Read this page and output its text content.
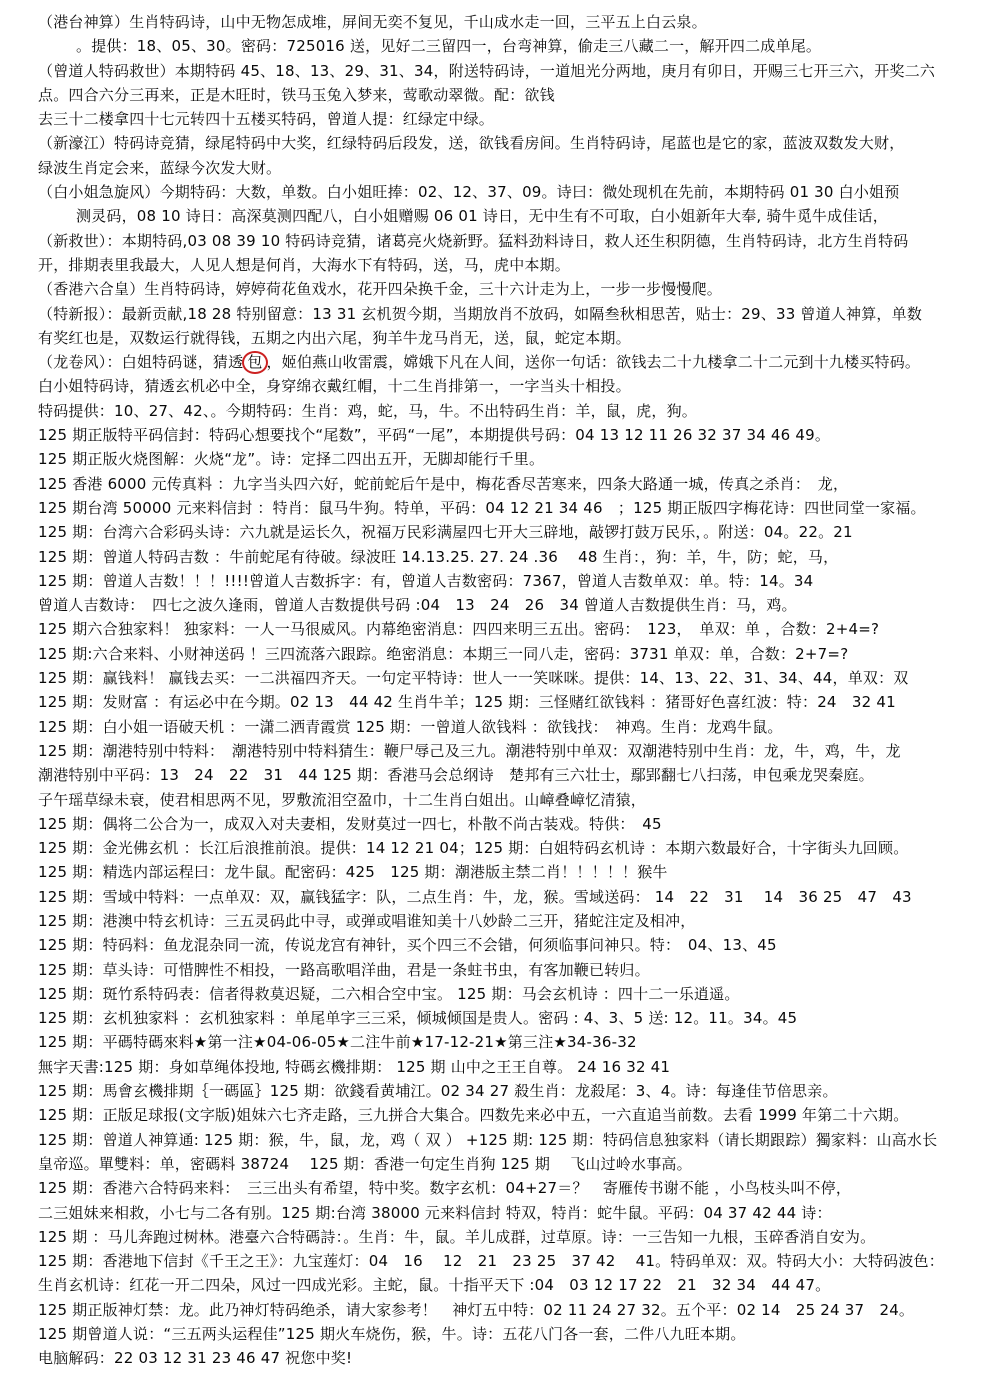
（港台神算）生肖特码诗，山中无物怎成堆，屏间无奕不复见，千山成水走一回，三平五上白云泉。
。提供：18、05、30。密码：725016 送，见好二三留四一，台弯神算，偷走三八藏二一，解开四二成单尾。
（曾道人特码救世）本期特码 45、18、13、29、31、34，附送特码诗，一道旭光分两地，庚月有卯日，开赐三七开三六，开奖二六
点。四合六分三再来，正是木旺时，铁马玉兔入梦来，莺歌动翠微。配：欲钱
去三十二楼拿四十七元转四十五楼买特码，曾道人提：红绿定中绿。
（新濠江）特码诗竞猜，绿尾特码中大奖，红绿特码后段发，送，欲钱看房间。生肖特码诗，尾蓝也是它的家，蓝波双数发大财，
绿波生肖定会来，蓝绿今次发大财。
（白小姐急旋风）今期特码：大数，单数。白小姐旺捧：02、12、37、09。诗曰：微处现机在先前，本期特码 01 30 白小姐预
测灵码，08 10 诗日：高深莫测四配八，白小姐赠赐 06 01 诗日，无中生有不可取，白小姐新年大奉, 骑牛觅牛成佳话，
（新救世）：本期特码,03 08 39 10 特码诗竞猜，诸葛亮火烧新野。猛料劲料诗日，救人还生积阴德，生肖特码诗，北方生肖特码
开，排期表里我最大，人见人想是何肖，大海水下有特码，送，马，虎中本期。
（香港六合皇）生肖特码诗，婷婷荷花鱼戏水，花开四朵换千金，三十六计走为上，一步一步慢慢爬。
（特新报）：最新贡献,18 28 特别留意：13 31 玄机贺今期，当期放肖不放码，如隔叁秋相思苦，贴士：29、33 曾道人神算，单数
有奖红也是，双数运行就得钱，五期之内出六尾，狗羊牛龙马肖无，送，鼠，蛇定本期。
（龙卷风）：白姐特码谜，猜透 包 ，姬伯燕山收雷震，嫦娥下凡在人间，送你一句话：欲钱去二十九楼拿二十二元到十九楼买特码。
白小姐特码诗，猜透玄机必中全，身穿绵衣戴红帽，十二生肖排第一，一字当头十相投。
特码提供：10、27、42、。今期特码：生肖：鸡，蛇，马，牛。不出特码生肖：羊，鼠，虎，狗。
125 期正版特平码信封：特码心想要找个“尾数”，平码“一尾”，本期提供号码：04 13 12 11 26 32 37 34 46 49。
125 期正版火烧图解：火烧“龙”。诗：定择二四出五开，无脚却能行千里。
125 香港 6000 元传真料 ：九字当头四六好，蛇前蛇后午是中，梅花香尽苦寒来，四条大路通一城，传真之杀肖：　龙，
125 期台湾 50000 元来料信封 ：特肖：鼠马牛狗。特单，平码：04 12 21 34 46　；125 期正版四字梅花诗：四世同堂一家福。
125 期：台湾六合彩码头诗：六九就是运长久，祝福万民彩满屋四七开大三辟地，敲锣打鼓万民乐，。附送：04。22。21
125 期：曾道人特码吉数 ：牛前蛇尾有待破。绿波旺 14.13.25. 27. 24 .36　 48 生肖：，狗：羊，牛，防；蛇，马，
125 期：曾道人吉数！！！!!!!曾道人吉数拆字：有，曾道人吉数密码：7367，曾道人吉数单双：单。特：14。34
曾道人吉数诗：　四七之波久逢雨，曾道人吉数提供号码 :04　13　24　26　34 曾道人吉数提供生肖：马，鸡。
125 期六合独家料！ 独家料：一人一马很威风。内幕绝密消息：四四来明三五出。密码：　123，　单双：单 ，合数：2+4=?
125 期:六合来料、小财神送码 ！三四流落六跟踪。绝密消息：本期三一同八走，密码：3731 单双：单，合数：2+7=?
125 期：赢钱料！ 赢钱去买：一二洪福四齐天。一句定平特诗：世人一一笑咪咪。提供：14、13、22、31、34、44，单双：双
125 期：发财富 ：有运必中在今期。02 13　44 42 生肖牛羊；125 期：三怪赌红欲钱料 ：猪哥好色喜红波：特：24　32 41
125 期：白小姐一语破天机 ：一潇二洒青霞赏 125 期：一曾道人欲钱料 ：欲钱找：　神鸡。生肖：龙鸡牛鼠。
125 期：潮港特别中特料：　潮港特别中特料猜生：鞭尸辱己及三九。潮港特别中单双：双潮港特别中生肖：龙，牛，鸡，牛，龙
潮港特别中平码：13　24　22　31　44 125 期：香港马会总纲诗　楚邦有三六壮士，鄢郢翻七八扫荡，申包乘龙哭秦庭。
子午瑶草绿未衰，使君相思两不见，罗敷流泪空盈巾，十二生肖白姐出。山嶂叠嶂忆清猿，
125 期：偶将二公合为一，成双入对夫妻相，发财莫过一四七，朴散不尚古装戏。特供：　45
125 期：金光佛玄机 ：长江后浪推前浪。提供：14 12 21 04；125 期：白姐特码玄机诗 ：本期六数最好合，十字街头九回顾。
125 期：精选内部运程曰：龙牛鼠。配密码：425　125 期：潮港版主禁二肖！！！！！猴牛
125 期：雪域中特料：一点单双：双，赢钱猛字：队，二点生肖：牛，龙，猴。雪域送码： 14　22　31　 14　36 25　47　43
125 期：港澳中特玄机诗：三五灵码此中寻，或弹或唱谁知美十八妙龄二三开，猪蛇注定及相冲，
125 期：特码料：鱼龙混杂同一流，传说龙宫有神针，买个四三不会错，何须临事问神只。特：　04、13、45
125 期：草头诗：可惜脾性不相投，一路高歌唱洋曲，君是一条蛀书虫，有客加鞭已转归。
125 期：斑竹系特码表：信者得救莫迟疑，二六相合空中宝。 125 期：马会玄机诗 ：四十二一乐逍遥。
125 期：玄机独家料 ：玄机独家料 ：单尾单字三三采，倾城倾国是贵人。密码 : 4、3、5 送: 12。11。34。45
125 期：平碼特碼來料★第一注★04-06-05★二注牛前★17-12-21★第三注★34-36-32
無字天書:125 期：身如草绳体投地, 特碼玄機排期： 125 期 山中之王王自尊。 24 16 32 41
125 期：馬會玄機排期｛一碼區｝125 期：欲錢看黄埔江。02 34 27 殺生肖：龙殺尾：3、4。诗：每逢佳节倍思亲。
125 期：正版足球报(文字版)姐妹六七齐走路，三九拼合大集合。四数先来必中五，一六直追当前数。去看 1999 年第二十六期。
125 期：曾道人神算通: 125 期：猴，牛，鼠，龙，鸡（ 双 ） +125 期: 125 期：特码信息独家料（请长期跟踪）獨家料：山高水长
皇帝巡。單雙料：单，密碼料 38724　 125 期：香港一句定生肖狗 125 期　 飞山过岭水事高。
125 期：香港六合特码来料：　三三出头有希望，特中奖。数字玄机：04+27＝？　寄雁传书谢不能 ，小鸟枝头叫不停，
二三姐妹来相救，小七与二各有别。125 期:台湾 38000 元来料信封 特双，特肖：蛇牛鼠。平码：04 37 42 44 诗：
125 期 ：马儿奔跑过树林。港臺六合特碼詩：。生肖：牛，鼠。羊儿成群，过草原。诗：一三告知一九根，玉碎香消自安为。
125 期：香港地下信封《千王之王》：九宝莲灯：04　16　 12　21　23 25　37 42　 41。特码单双：双。特码大小：大特码波色：
生肖玄机诗：红花一开二四朵，风过一四成光彩。主蛇，鼠。十指平天下 :04　03 12 17 22　21　32 34　44 47。
125 期正版神灯禁：龙。此乃神灯特码绝杀，请大家参考！　神灯五中特：02 11 24 27 32。五个平：02 14　25 24 37　24。
125 期曾道人说：“三五两头运程佳”125 期火车烧伤，猴，牛。诗：五花八门各一套，二件八九旺本期。
电脑解码：22 03 12 31 23 46 47 祝您中奖!
